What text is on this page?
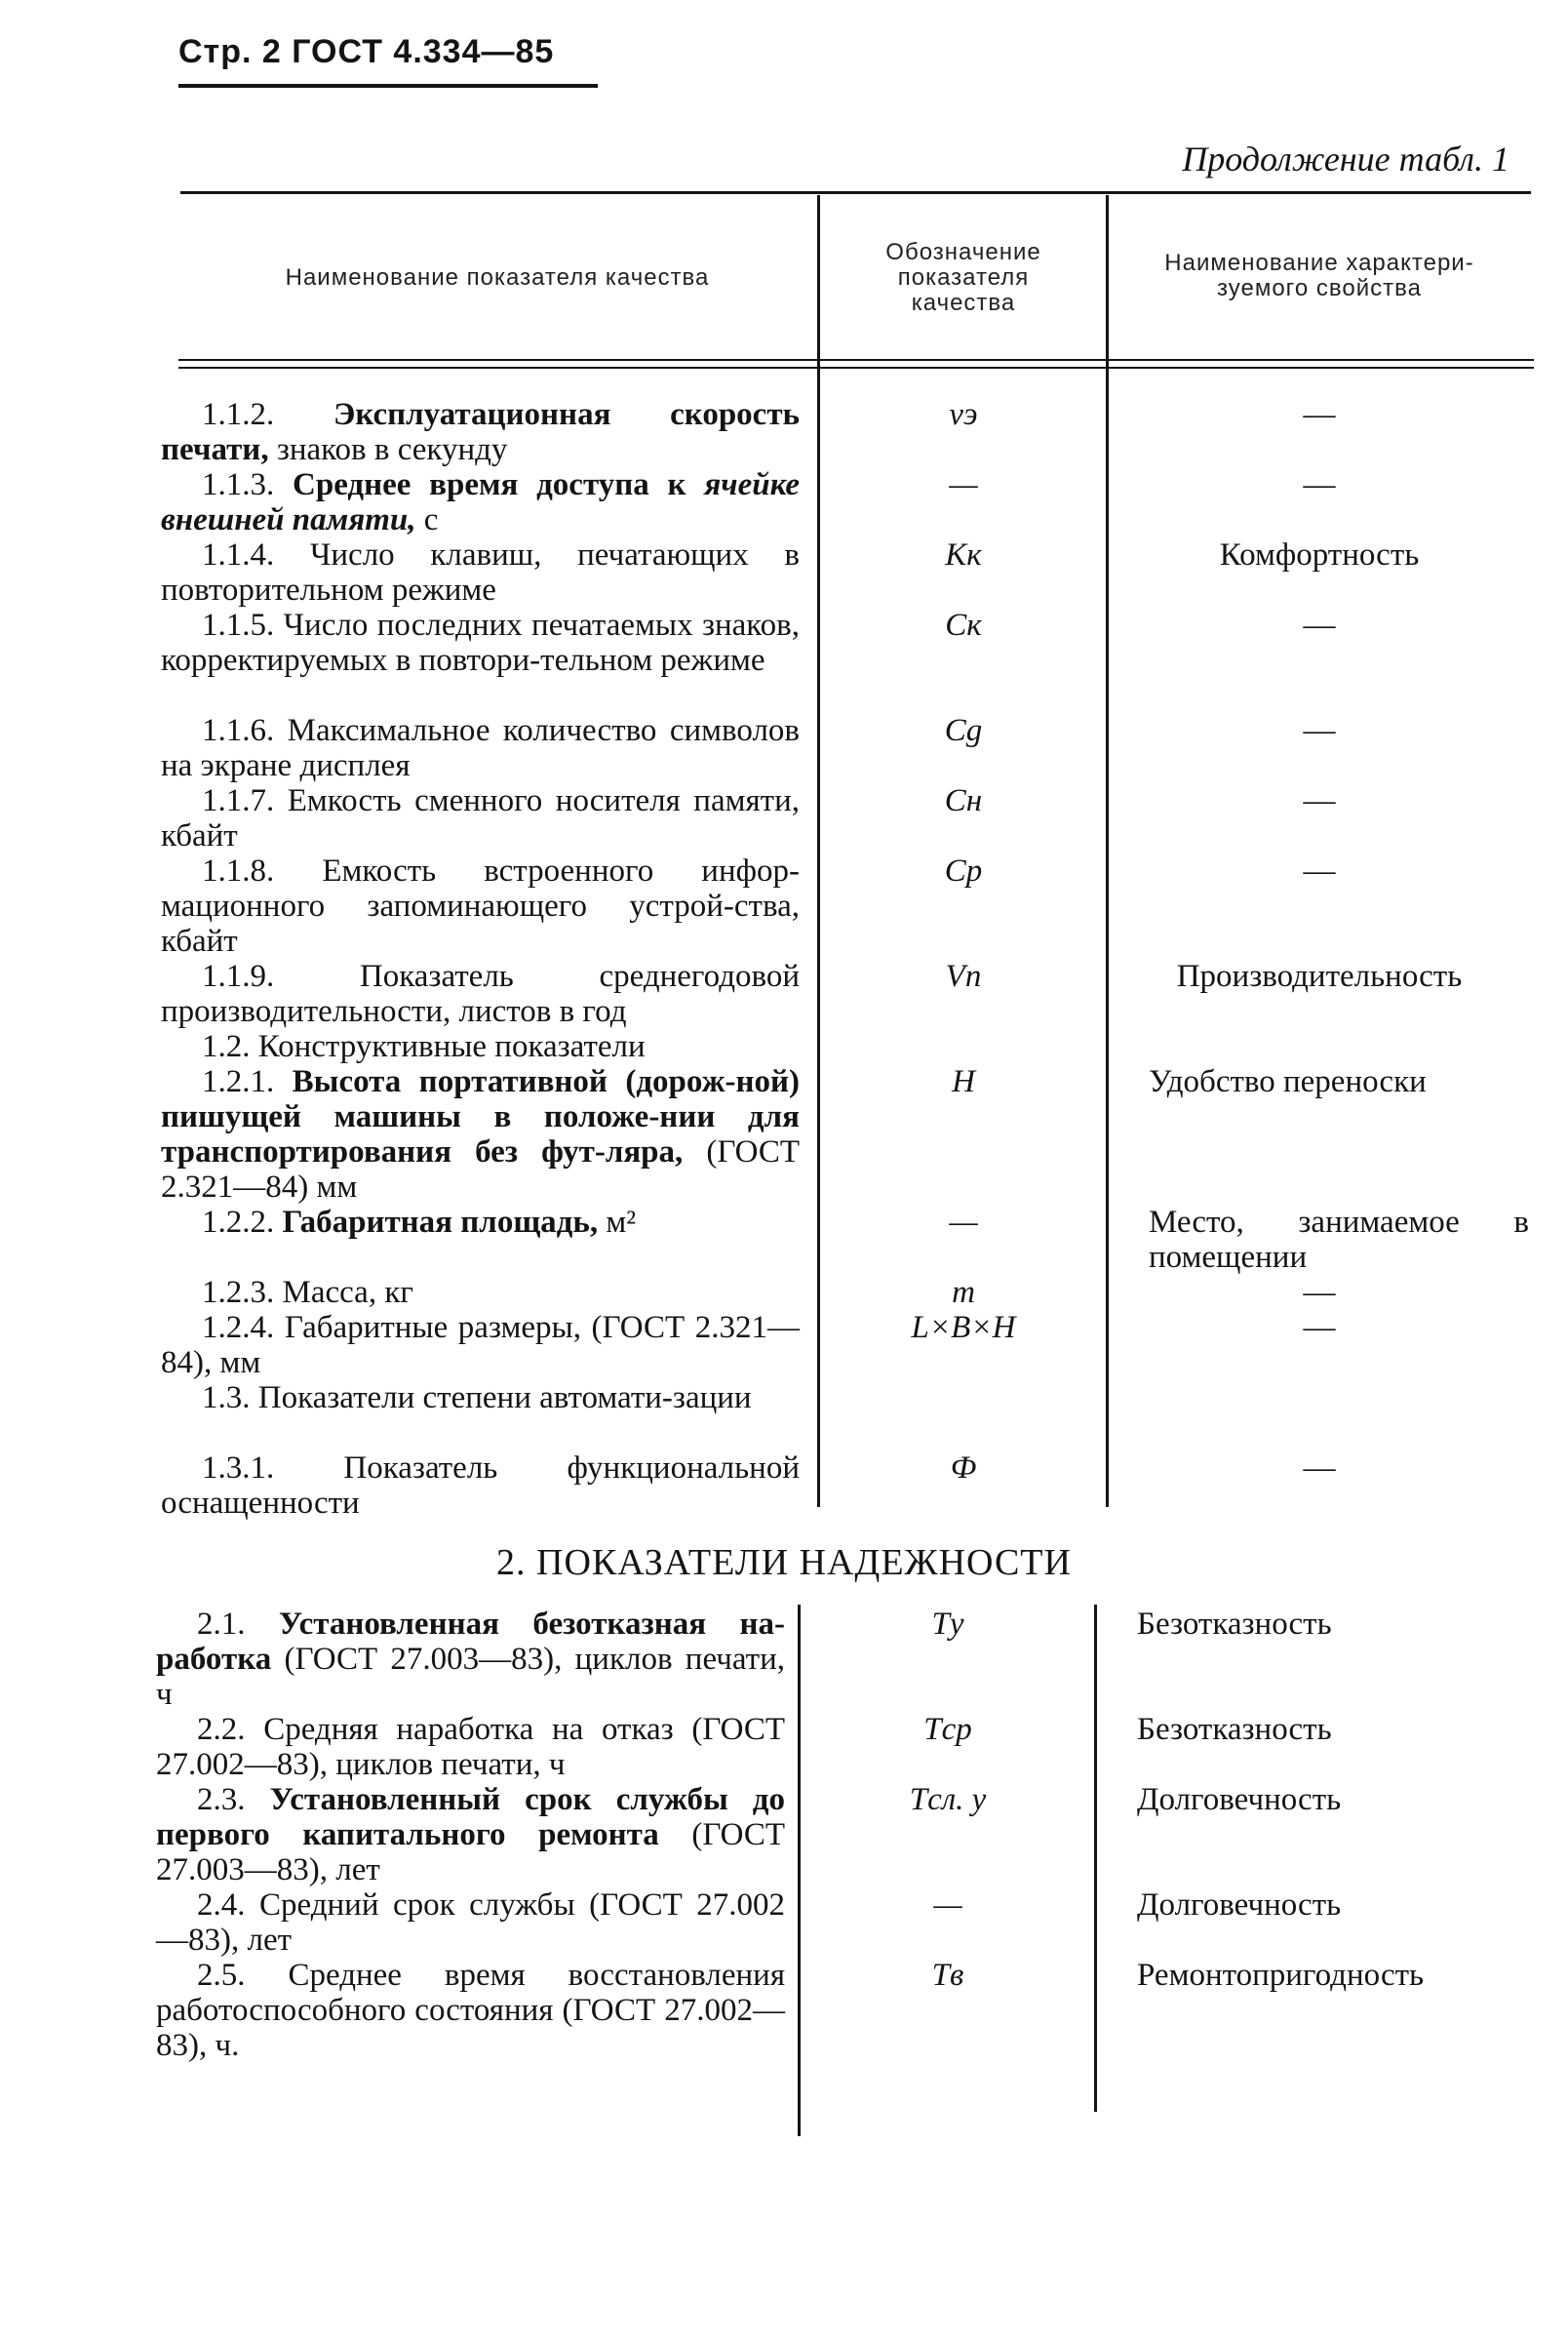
Стр. 2 ГОСТ 4.334—85
Продолжение табл. 1
Наименование показателя качества
Обозначение
показателя
качества
Наименование характери-
зуемого свойства
1.1.2. Эксплуатационная скорость печати, знаков в секунду
vэ	—
1.1.3. Среднее время доступа к ячейке внешней памяти, с
—	—
1.1.4. Число клавиш, печатающих в повторительном режиме
Kк	Комфортность
1.1.5. Число последних печатаемых знаков, корректируемых в повтори-тельном режиме
Cк	—
1.1.6. Максимальное количество символов на экране дисплея
Cg	—
1.1.7. Емкость сменного носителя памяти, кбайт
Cн	—
1.1.8. Емкость встроенного инфор-мационного запоминающего устрой-ства, кбайт
Cp	—
1.1.9.	Показатель среднегодовой производительности, листов в год
Vп	Производительность
1.2. Конструктивные показатели
1.2.1. Высота портативной (дорож-ной) пишущей машины в положе-нии для транспортирования без фут-ляра, (ГОСТ 2.321—84) мм
H	Удобство переноски
1.2.2. Габаритная площадь, м²	—	Место, занимаемое в помещении
1.2.3. Масса, кг	m	—
1.2.4. Габаритные размеры, (ГОСТ 2.321—84), мм
L×B×H	—
1.3. Показатели степени автомати-зации
1.3.1. Показатель функциональной оснащенности
Ф	—
2. ПОКАЗАТЕЛИ НАДЕЖНОСТИ
2.1. Установленная безотказная на-работка (ГОСТ 27.003—83), циклов печати, ч
Tу	Безотказность
2.2. Средняя наработка на отказ (ГОСТ 27.002—83), циклов печати, ч
Tср	Безотказность
2.3. Установленный срок службы до первого капитального ремонта (ГОСТ 27.003—83), лет
Tсл. у	Долговечность
2.4. Средний срок службы (ГОСТ 27.002—83), лет
—	Долговечность
2.5. Среднее время восстановления работоспособного состояния (ГОСТ 27.002—83), ч.
Tв	Ремонтопригодность
